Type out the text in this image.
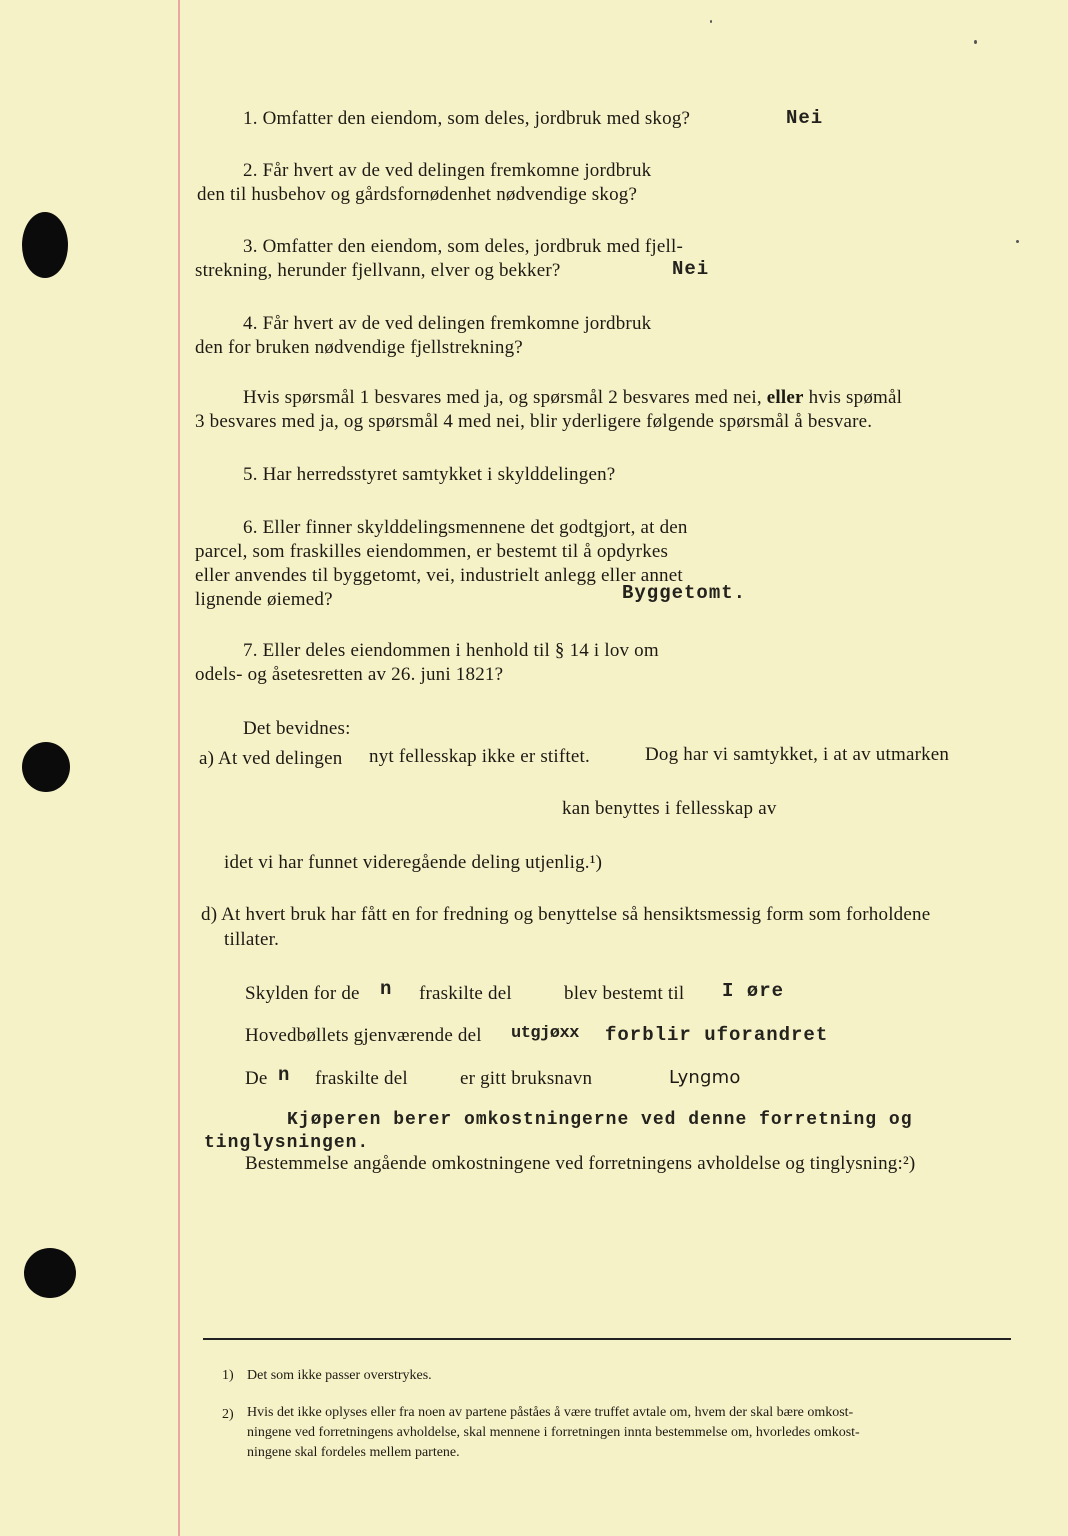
1. Omfatter den eiendom, som deles, jordbruk med skog?	Nei
2. Får hvert av de ved delingen fremkomne jordbruk
den til husbehov og gårdsfornødenhet nødvendige skog?
3. Omfatter den eiendom, som deles, jordbruk med fjell-
strekning, herunder fjellvann, elver og bekker?	Nei
4. Får hvert av de ved delingen fremkomne jordbruk
den for bruken nødvendige fjellstrekning?
Hvis spørsmål 1 besvares med ja, og spørsmål 2 besvares med nei, eller hvis spømål
3 besvares med ja, og spørsmål 4 med nei, blir yderligere følgende spørsmål å besvare.
5. Har herredsstyret samtykket i skylddelingen?
6. Eller finner skylddelingsmennene det godtgjort, at den
parcel, som fraskilles eiendommen, er bestemt til å opdyrkes
eller anvendes til byggetomt, vei, industrielt anlegg eller annet
lignende øiemed?	Byggetomt.
7. Eller deles eiendommen i henhold til § 14 i lov om
odels- og åsetesretten av 26. juni 1821?
Det bevidnes:
a) At ved delingen nyt fellesskap ikke er stiftet.	Dog har vi samtykket, i at av utmarken
kan benyttes i fellesskap av
idet vi har funnet videregående deling utjenlig.¹)
d) At hvert bruk har fått en for fredning og benyttelse så hensiktsmessig form som forholdene
tillater.
Skylden for de n fraskilte del	blev bestemt til I øre
Hovedbøllets gjenværende del utgjøxx forblir uforandret
De n fraskilte del	er gitt bruksnavn	Lyngmo
Kjøperen berer omkostningerne ved denne forretning og
tinglysningen.
Bestemmelse angående omkostningene ved forretningens avholdelse og tinglysning:²)
1) Det som ikke passer overstrykes.
2) Hvis det ikke oplyses eller fra noen av partene påståes å være truffet avtale om, hvem der skal bære omkost-
ningene ved forretningens avholdelse, skal mennene i forretningen innta bestemmelse om, hvorledes omkost-
ningene skal fordeles mellem partene.
